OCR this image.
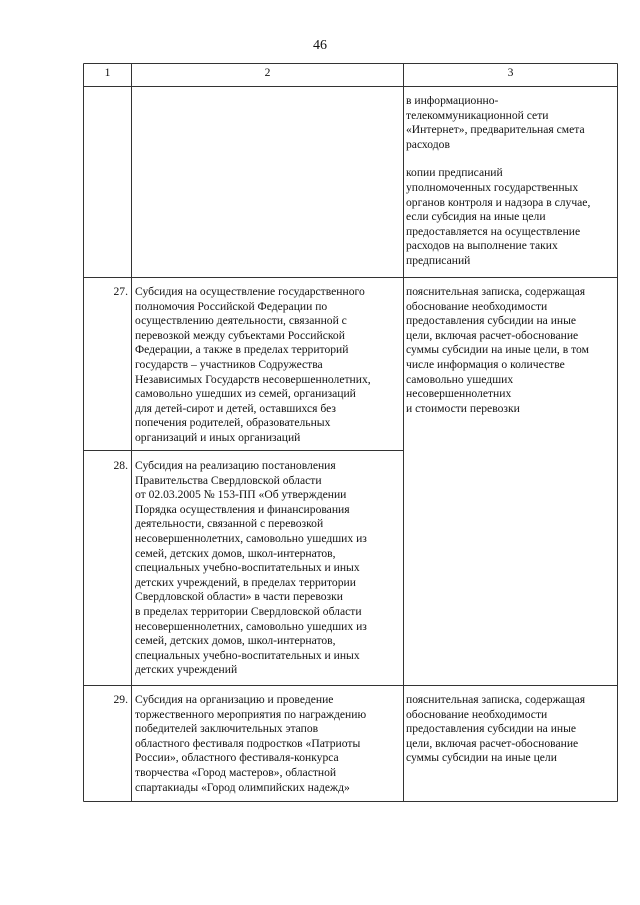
46
1	2	3
в информационно-
телекоммуникационной сети
«Интернет», предварительная смета
расходов
копии предписаний
уполномоченных государственных
органов контроля и надзора в случае,
если субсидия на иные цели
предоставляется на осуществление
расходов на выполнение таких
предписаний
27. Субсидия на осуществление государственного
полномочия Российской Федерации по
осуществлению деятельности, связанной с
перевозкой между субъектами Российской
Федерации, а также в пределах территорий
государств – участников Содружества
Независимых Государств несовершеннолетних,
самовольно ушедших из семей, организаций
для детей-сирот и детей, оставшихся без
попечения родителей, образовательных
организаций и иных организаций
пояснительная записка, содержащая
обоснование необходимости
предоставления субсидии на иные
цели, включая расчет-обоснование
суммы субсидии на иные цели, в том
числе информация о количестве
самовольно ушедших
несовершеннолетних
и стоимости перевозки
28. Субсидия на реализацию постановления
Правительства Свердловской области
от 02.03.2005 № 153-ПП «Об утверждении
Порядка осуществления и финансирования
деятельности, связанной с перевозкой
несовершеннолетних, самовольно ушедших из
семей, детских домов, школ-интернатов,
специальных учебно-воспитательных и иных
детских учреждений, в пределах территории
Свердловской области» в части перевозки
в пределах территории Свердловской области
несовершеннолетних, самовольно ушедших из
семей, детских домов, школ-интернатов,
специальных учебно-воспитательных и иных
детских учреждений
29. Субсидия на организацию и проведение
торжественного мероприятия по награждению
победителей заключительных этапов
областного фестиваля подростков «Патриоты
России», областного фестиваля-конкурса
творчества «Город мастеров», областной
спартакиады «Город олимпийских надежд»
пояснительная записка, содержащая
обоснование необходимости
предоставления субсидии на иные
цели, включая расчет-обоснование
суммы субсидии на иные цели
